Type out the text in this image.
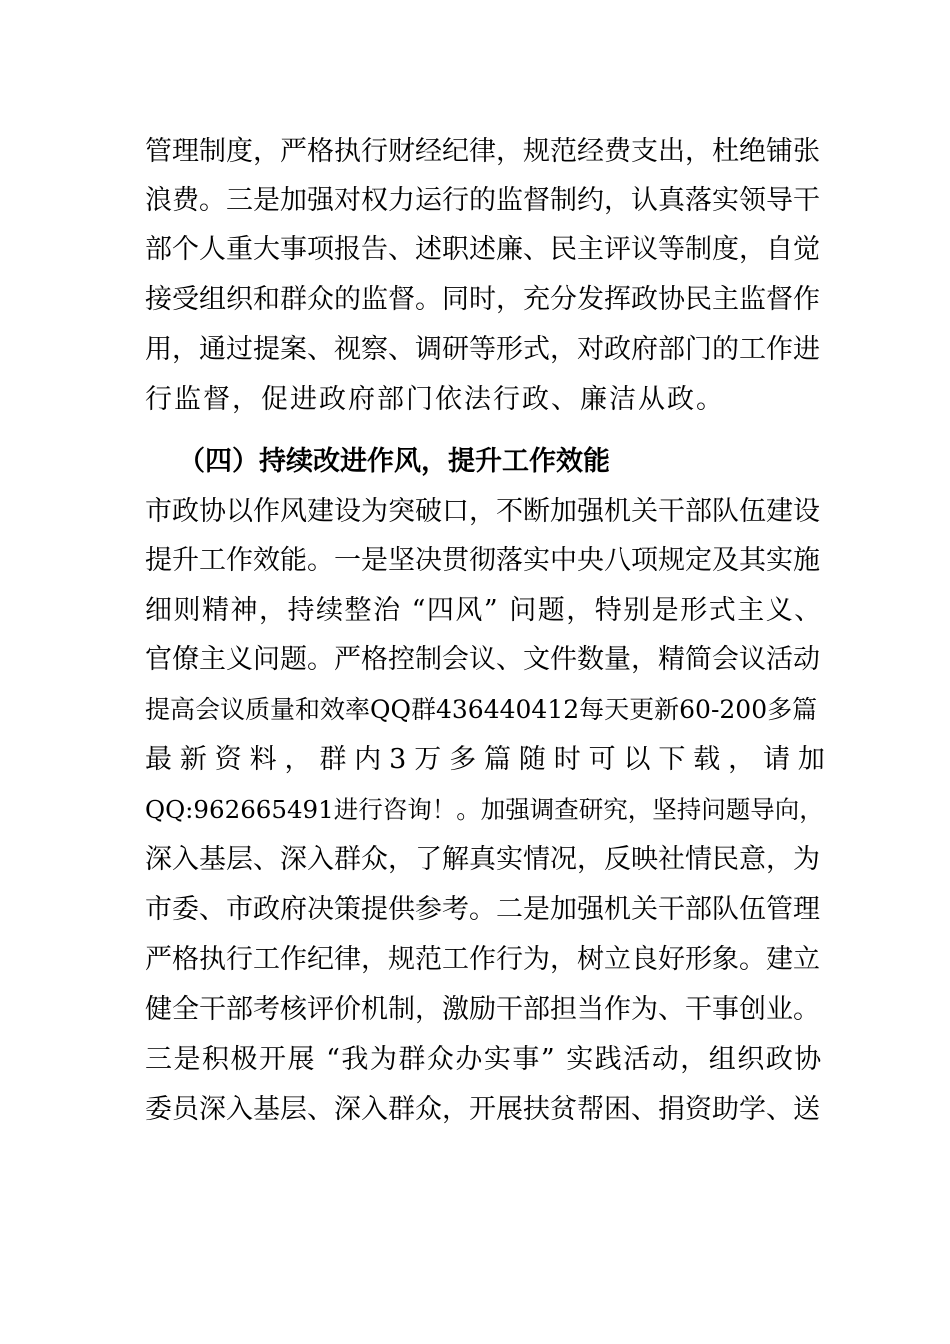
管理制度，严格执行财经纪律，规范经费支出，杜绝铺张
浪费。三是加强对权力运行的监督制约，认真落实领导干
部个人重大事项报告、述职述廉、民主评议等制度，自觉
接受组织和群众的监督。同时，充分发挥政协民主监督作
用，通过提案、视察、调研等形式，对政府部门的工作进
行监督，促进政府部门依法行政、廉洁从政。
（四）持续改进作风，提升工作效能
市政协以作风建设为突破口，不断加强机关干部队伍建设
提升工作效能。一是坚决贯彻落实中央八项规定及其实施
细则精神，持续整治 “四风” 问题，特别是形式主义、
官僚主义问题。严格控制会议、文件数量，精简会议活动
提高会议质量和效率QQ群436440412每天更新60-200多篇
最 新 资 料 ， 群 内 3 万 多 篇 随 时 可 以 下 载 ， 请 加
QQ:962665491进行咨询！。加强调查研究，坚持问题导向，
深入基层、深入群众，了解真实情况，反映社情民意，为
市委、市政府决策提供参考。二是加强机关干部队伍管理
严格执行工作纪律，规范工作行为，树立良好形象。建立
健全干部考核评价机制，激励干部担当作为、干事创业。
三是积极开展 “我为群众办实事” 实践活动，组织政协
委员深入基层、深入群众，开展扶贫帮困、捐资助学、送
